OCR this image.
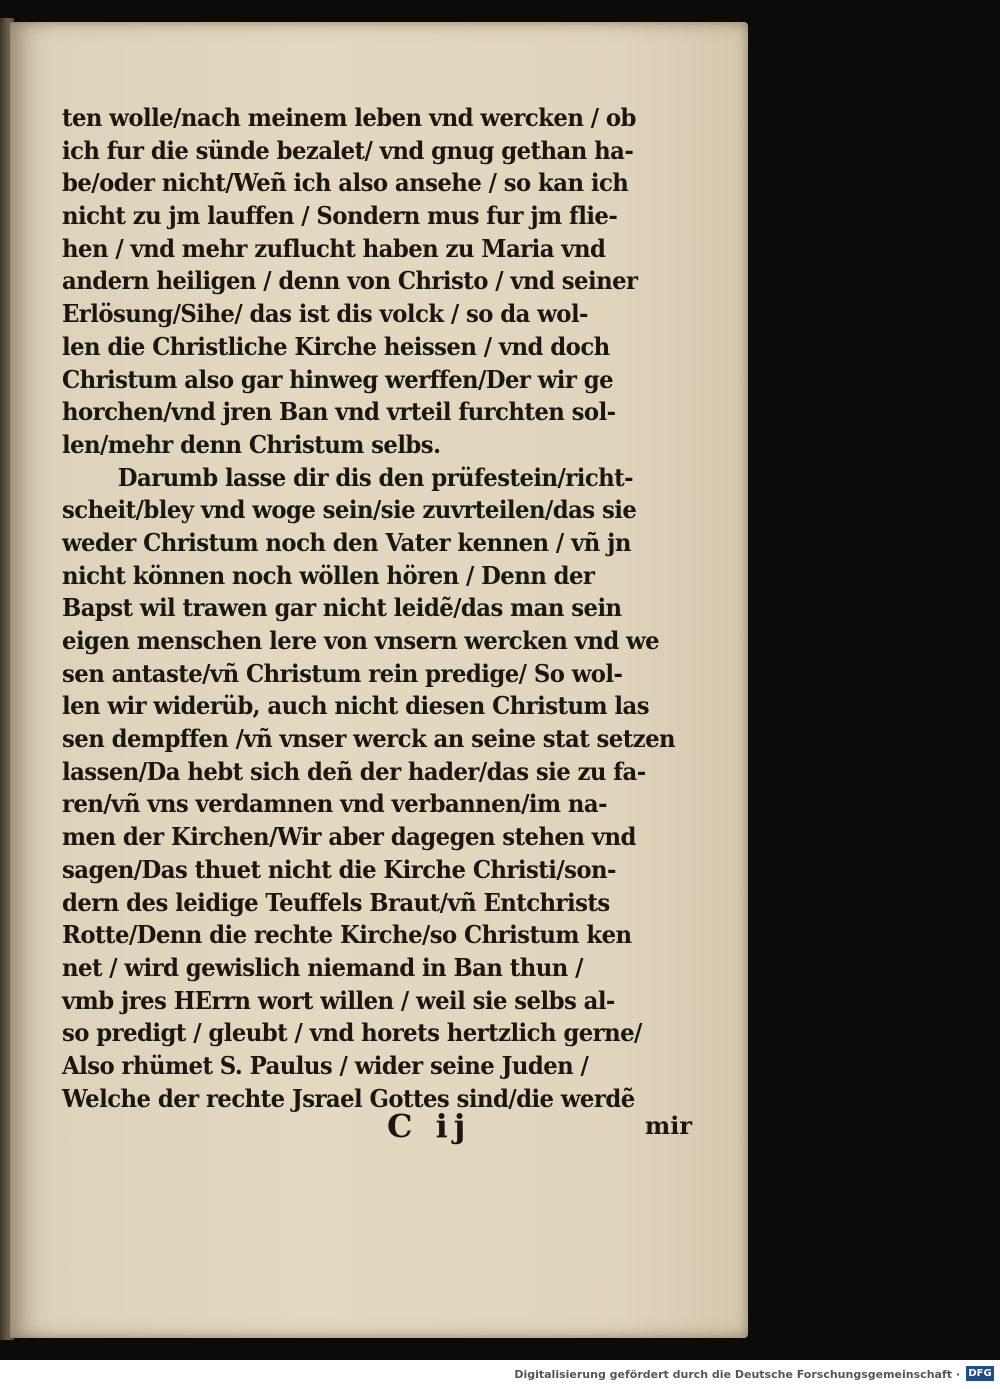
ten wolle/nach meinem leben vnd wercken / ob
ich fur die sünde bezalet/ vnd gnug gethan ha-
be/oder nicht/Weñ ich also ansehe / so kan ich
nicht zu jm lauffen / Sondern mus fur jm flie-
hen / vnd mehr zuflucht haben zu Maria vnd
andern heiligen / denn von Christo / vnd seiner
Erlösung/Sihe/ das ist dis volck / so da wol-
len die Christliche Kirche heissen / vnd doch
Christum also gar hinweg werffen/Der wir ge
horchen/vnd jren Ban vnd vrteil furchten sol-
len/mehr denn Christum selbs.
Darumb lasse dir dis den prüfestein/richt-
scheit/bley vnd woge sein/sie zuvrteilen/das sie
weder Christum noch den Vater kennen / vñ jn
nicht können noch wöllen hören / Denn der
Bapst wil trawen gar nicht leidẽ/das man sein
eigen menschen lere von vnsern wercken vnd we
sen antaste/vñ Christum rein predige/ So wol-
len wir widerüb, auch nicht diesen Christum las
sen dempffen /vñ vnser werck an seine stat setzen
lassen/Da hebt sich deñ der hader/das sie zu fa-
ren/vñ vns verdamnen vnd verbannen/im na-
men der Kirchen/Wir aber dagegen stehen vnd
sagen/Das thuet nicht die Kirche Christi/son-
dern des leidige Teuffels Braut/vñ Entchrists
Rotte/Denn die rechte Kirche/so Christum ken
net / wird gewislich niemand in Ban thun /
vmb jres HErrn wort willen / weil sie selbs al-
so predigt / gleubt / vnd horets hertzlich gerne/
Also rhümet S. Paulus / wider seine Juden /
Welche der rechte Jsrael Gottes sind/die werdẽ
C ij	mir
Digitalisierung gefördert durch die Deutsche Forschungsgemeinschaft · DFG
